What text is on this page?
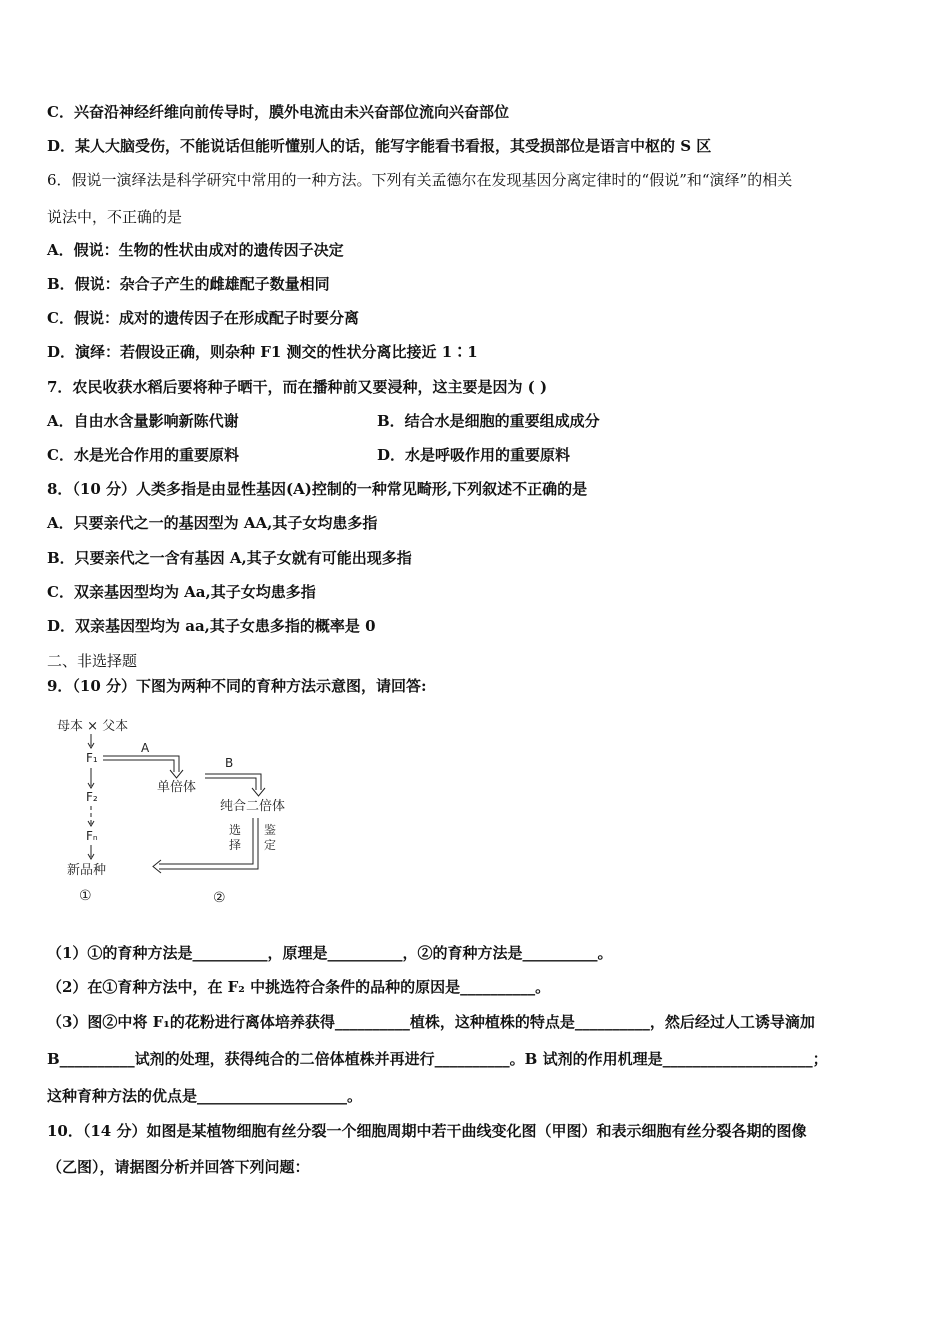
C．兴奋沿神经纤维向前传导时，膜外电流由未兴奋部位流向兴奋部位
D．某人大脑受伤，不能说话但能听懂别人的话，能写字能看书看报，其受损部位是语言中枢的 S 区
6．假说一演绎法是科学研究中常用的一种方法。下列有关孟德尔在发现基因分离定律时的“假说”和“演绎”的相关
说法中，不正确的是
A．假说：生物的性状由成对的遗传因子决定
B．假说：杂合子产生的雌雄配子数量相同
C．假说：成对的遗传因子在形成配子时要分离
D．演绎：若假设正确，则杂种 F1 测交的性状分离比接近 1∶1
7．农民收获水稻后要将种子晒干，而在播种前又要浸种，这主要是因为 ( )
A．自由水含量影响新陈代谢	B．结合水是细胞的重要组成成分
C．水是光合作用的重要原料	D．水是呼吸作用的重要原料
8．（10 分）人类多指是由显性基因(A)控制的一种常见畸形,下列叙述不正确的是
A．只要亲代之一的基因型为 AA,其子女均患多指
B．只要亲代之一含有基因 A,其子女就有可能出现多指
C．双亲基因型均为 Aa,其子女均患多指
D．双亲基因型均为 aa,其子女患多指的概率是 0
二、非选择题
9．（10 分）下图为两种不同的育种方法示意图，请回答:
母本 × 父本
F₁
F₂
Fₙ
新品种
①
A
单倍体
B
纯合二倍体
选
择
鉴
定
②
（1）①的育种方法是__________，原理是__________，②的育种方法是__________。
（2）在①育种方法中，在 F₂ 中挑选符合条件的品种的原因是__________。
（3）图②中将 F₁的花粉进行离体培养获得__________植株，这种植株的特点是__________，然后经过人工诱导滴加
B__________试剂的处理，获得纯合的二倍体植株并再进行__________。B 试剂的作用机理是____________________；
这种育种方法的优点是____________________。
10．（14 分）如图是某植物细胞有丝分裂一个细胞周期中若干曲线变化图（甲图）和表示细胞有丝分裂各期的图像
（乙图），请据图分析并回答下列问题：
